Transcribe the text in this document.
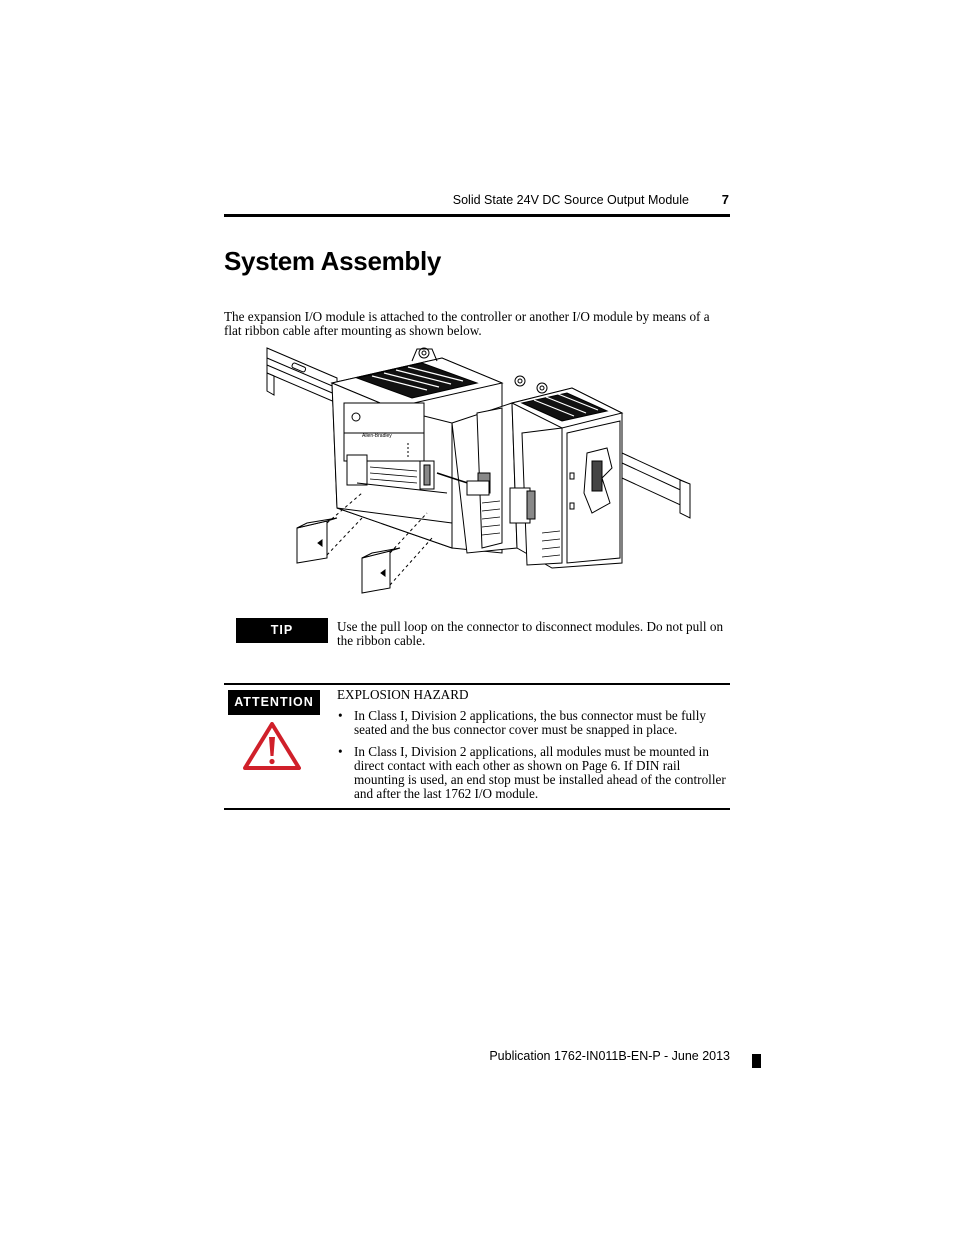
Solid State 24V DC Source Output Module	7
System Assembly

The expansion I/O module is attached to the controller or another I/O module by means of a flat ribbon cable after mounting as shown below.

Allen-Bradley
TIP	Use the pull loop on the connector to disconnect modules. Do not pull on the ribbon cable.

ATTENTION	EXPLOSION HAZARD
• In Class I, Division 2 applications, the bus connector must be fully seated and the bus connector cover must be snapped in place.
• In Class I, Division 2 applications, all modules must be mounted in direct contact with each other as shown on Page 6. If DIN rail mounting is used, an end stop must be installed ahead of the controller and after the last 1762 I/O module.
Publication 1762-IN011B-EN-P - June 2013
